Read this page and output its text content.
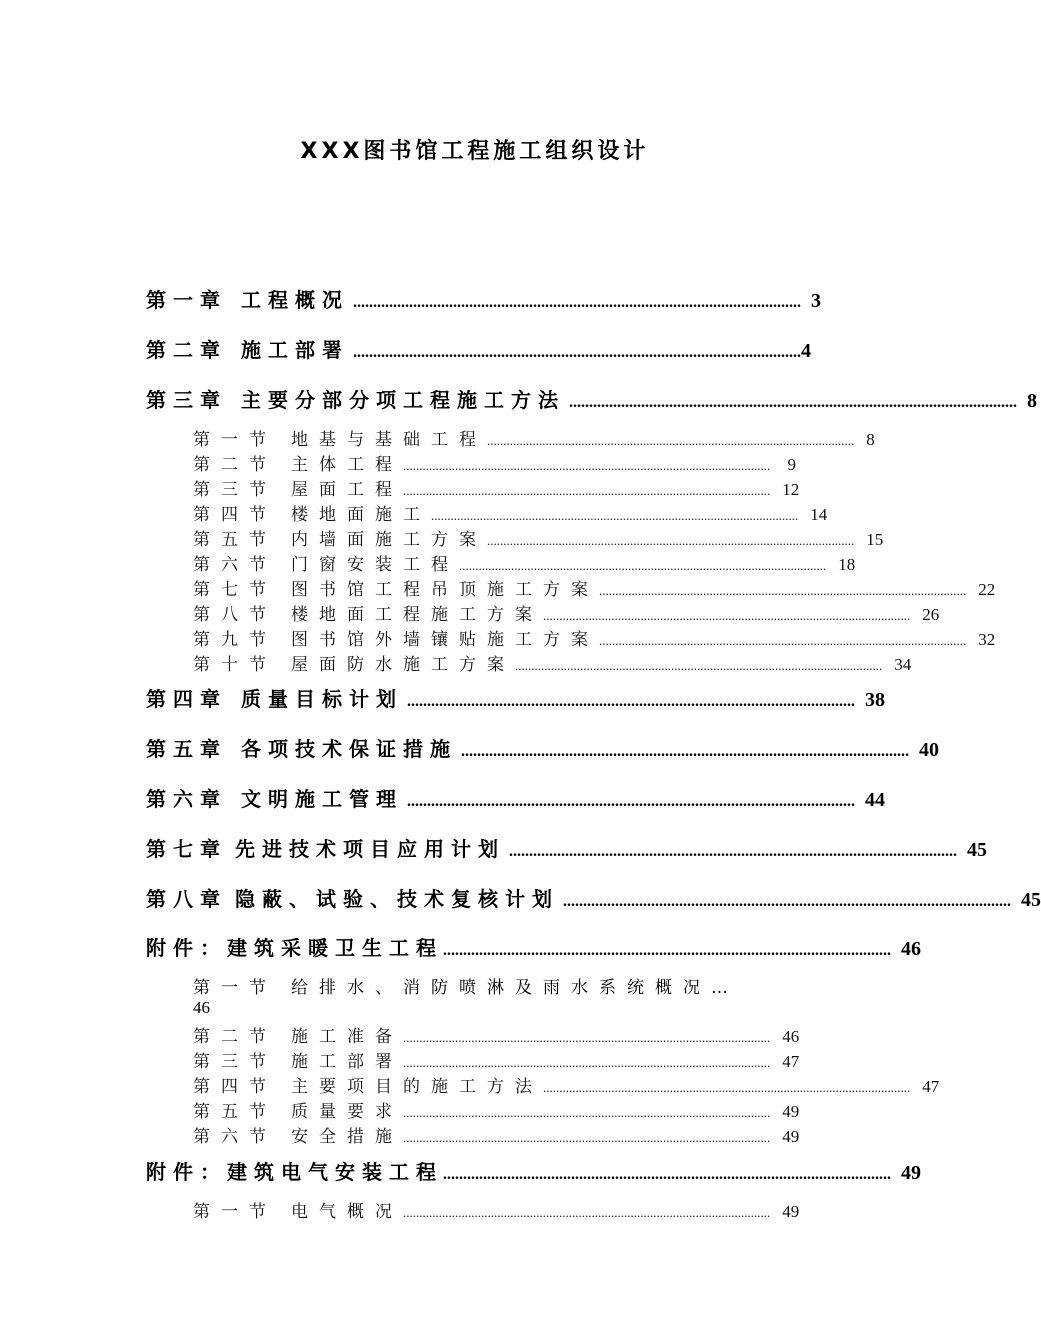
XXX图书馆工程施工组织设计
第一章 工程概况 ................................................................................................................ 3
第二章 施工部署 ................................................................................................................ 4
第三章 主要分部分项工程施工方法 ................................................................................................................ 8
第一节 地基与基础工程 ................................................................................................................. 8
第二节 主体工程 .................................................................................................................	9
第三节 屋面工程 ................................................................................................................. 12
第四节 楼地面施工 ................................................................................................................. 14
第五节 内墙面施工方案 ................................................................................................................. 15
第六节 门窗安装工程 ................................................................................................................. 18
第七节 图书馆工程吊顶施工方案 ................................................................................................................. 22
第八节 楼地面工程施工方案 ................................................................................................................. 26
第九节 图书馆外墙镶贴施工方案 ................................................................................................................. 32
第十节 屋面防水施工方案 ................................................................................................................. 34
第四章 质量目标计划 ................................................................................................................ 38
第五章 各项技术保证措施 ................................................................................................................ 40
第六章 文明施工管理 ................................................................................................................ 44
第七章 先进技术项目应用计划 ................................................................................................................ 45
第八章 隐蔽、试验、技术复核计划 ................................................................................................................ 45
附件：建筑采暖卫生工程 ................................................................................................................ 46
第一节 给排水、消防喷淋及雨水系统概况…
46
第二节 施工准备 ................................................................................................................. 46
第三节 施工部署 ................................................................................................................. 47
第四节 主要项目的施工方法 ................................................................................................................. 47
第五节 质量要求 ................................................................................................................. 49
第六节 安全措施 ................................................................................................................. 49
附件：建筑电气安装工程 ................................................................................................................ 49
第一节 电气概况 ................................................................................................................. 49
